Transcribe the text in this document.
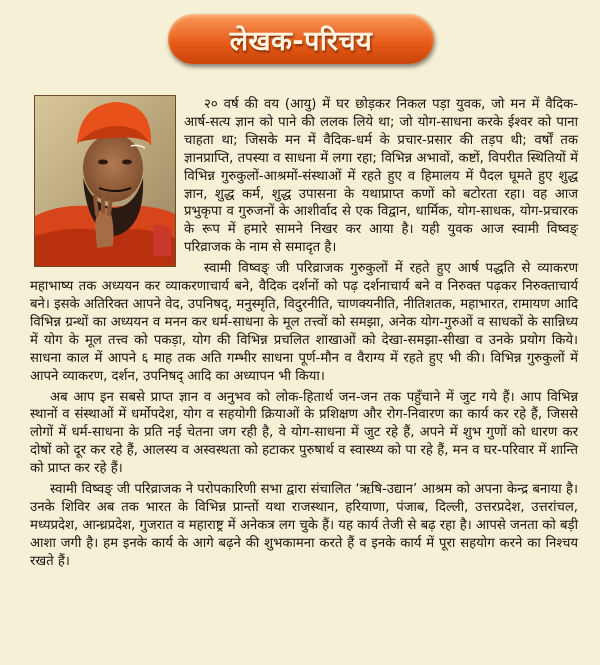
लेखक-परिचय

२० वर्ष की वय (आयु) में घर छोड़कर निकल पड़ा युवक, जो मन में वैदिक-आर्ष-सत्य ज्ञान को पाने की ललक लिये था; जो योग-साधना करके ईश्वर को पाना चाहता था; जिसके मन में वैदिक-धर्म के प्रचार-प्रसार की तड़प थी; वर्षों तक ज्ञानप्राप्ति, तपस्या व साधना में लगा रहा; विभिन्न अभावों, कष्टों, विपरीत स्थितियों में विभिन्न गुरुकुलों-आश्रमों-संस्थाओं में रहते हुए व हिमालय में पैदल घूमते हुए शुद्ध ज्ञान, शुद्ध कर्म, शुद्ध उपासना के यथाप्राप्त कणों को बटोरता रहा। वह आज प्रभुकृपा व गुरुजनों के आशीर्वाद से एक विद्वान, धार्मिक, योग-साधक, योग-प्रचारक के रूप में हमारे सामने निखर कर आया है। यही युवक आज स्वामी विष्वङ् परिव्राजक के नाम से समादृत है।

स्वामी विष्वङ् जी परिव्राजक गुरुकुलों में रहते हुए आर्ष पद्धति से व्याकरण महाभाष्य तक अध्ययन कर व्याकरणाचार्य बने, वैदिक दर्शनों को पढ़ दर्शनाचार्य बने व निरुक्त पढ़कर निरुक्ताचार्य बने। इसके अतिरिक्त आपने वेद, उपनिषद्, मनुस्मृति, विदुरनीति, चाणक्यनीति, नीतिशतक, महाभारत, रामायण आदि विभिन्न ग्रन्थों का अध्ययन व मनन कर धर्म-साधना के मूल तत्त्वों को समझा, अनेक योग-गुरुओं व साधकों के सान्निध्य में योग के मूल तत्त्व को पकड़ा, योग की विभिन्न प्रचलित शाखाओं को देखा-समझा-सीखा व उनके प्रयोग किये। साधना काल में आपने ६ माह तक अति गम्भीर साधना पूर्ण-मौन व वैराग्य में रहते हुए भी की। विभिन्न गुरुकुलों में आपने व्याकरण, दर्शन, उपनिषद् आदि का अध्यापन भी किया।

अब आप इन सबसे प्राप्त ज्ञान व अनुभव को लोक-हितार्थ जन-जन तक पहुँचाने में जुट गये हैं। आप विभिन्न स्थानों व संस्थाओं में धर्मोपदेश, योग व सहयोगी क्रियाओं के प्रशिक्षण और रोग-निवारण का कार्य कर रहे हैं, जिससे लोगों में धर्म-साधना के प्रति नई चेतना जग रही है, वे योग-साधना में जुट रहे हैं, अपने में शुभ गुणों को धारण कर दोषों को दूर कर रहे हैं, आलस्य व अस्वस्थता को हटाकर पुरुषार्थ व स्वास्थ्य को पा रहे हैं, मन व घर-परिवार में शान्ति को प्राप्त कर रहे हैं।

स्वामी विष्वङ् जी परिव्राजक ने परोपकारिणी सभा द्वारा संचालित ‘ऋषि-उद्यान’ आश्रम को अपना केन्द्र बनाया है। उनके शिविर अब तक भारत के विभिन्न प्रान्तों यथा राजस्थान, हरियाणा, पंजाब, दिल्ली, उत्तरप्रदेश, उत्तरांचल, मध्यप्रदेश, आन्ध्रप्रदेश, गुजरात व महाराष्ट्र में अनेकत्र लग चुके हैं। यह कार्य तेजी से बढ़ रहा है। आपसे जनता को बड़ी आशा जगी है। हम इनके कार्य के आगे बढ़ने की शुभकामना करते हैं व इनके कार्य में पूरा सहयोग करने का निश्चय रखते हैं।
